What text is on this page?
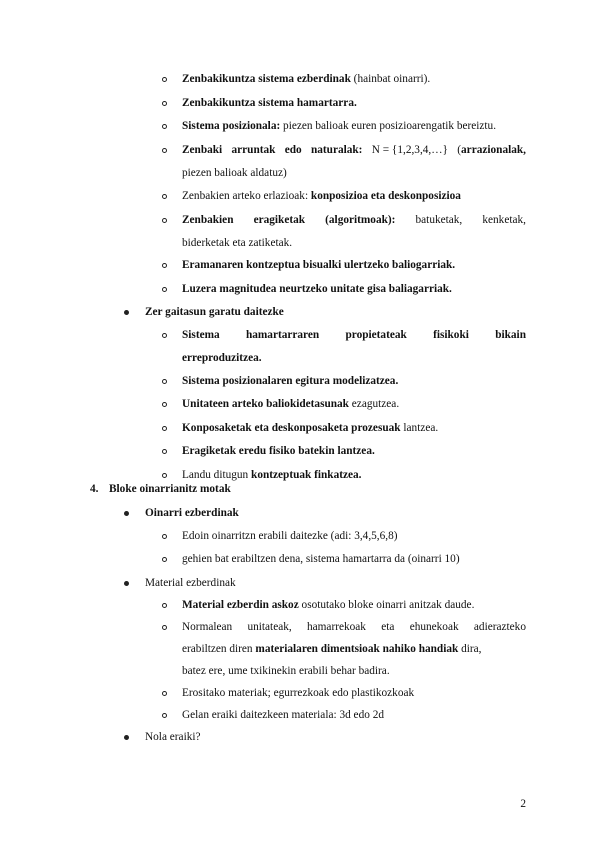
Zenbakikuntza sistema ezberdinak (hainbat oinarri).
Zenbakikuntza sistema hamartarra.
Sistema posizionala: piezen balioak euren posizioarengatik bereiztu.
Zenbaki arruntak edo naturalak: N = {1,2,3,4,…} (arrazionalak,
piezen balioak aldatuz)
Zenbakien arteko erlazioak: konposizioa eta deskonposizioa
Zenbakien eragiketak (algoritmoak): batuketak, kenketak,
biderketak eta zatiketak.
Eramanaren kontzeptua bisualki ulertzeko baliogarriak.
Luzera magnitudea neurtzeko unitate gisa baliagarriak.
Zer gaitasun garatu daitezke
Sistema hamartarraren propietateak fisikoki bikain
erreproduzitzea.
Sistema posizionalaren egitura modelizatzea.
Unitateen arteko baliokidetasunak ezagutzea.
Konposaketak eta deskonposaketa prozesuak lantzea.
Eragiketak eredu fisiko batekin lantzea.
Landu ditugun kontzeptuak finkatzea.
4. Bloke oinarrianitz motak
Oinarri ezberdinak
Edoin oinarritzn erabili daitezke (adi: 3,4,5,6,8)
gehien bat erabiltzen dena, sistema hamartarra da (oinarri 10)
Material ezberdinak
Material ezberdin askoz osotutako bloke oinarri anitzak daude.
Normalean unitateak, hamarrekoak eta ehunekoak adierazteko
erabiltzen diren materialaren dimentsioak nahiko handiak dira,
batez ere, ume txikinekin erabili behar badira.
Erositako materiak; egurrezkoak edo plastikozkoak
Gelan eraiki daitezkeen materiala: 3d edo 2d
Nola eraiki?
2
